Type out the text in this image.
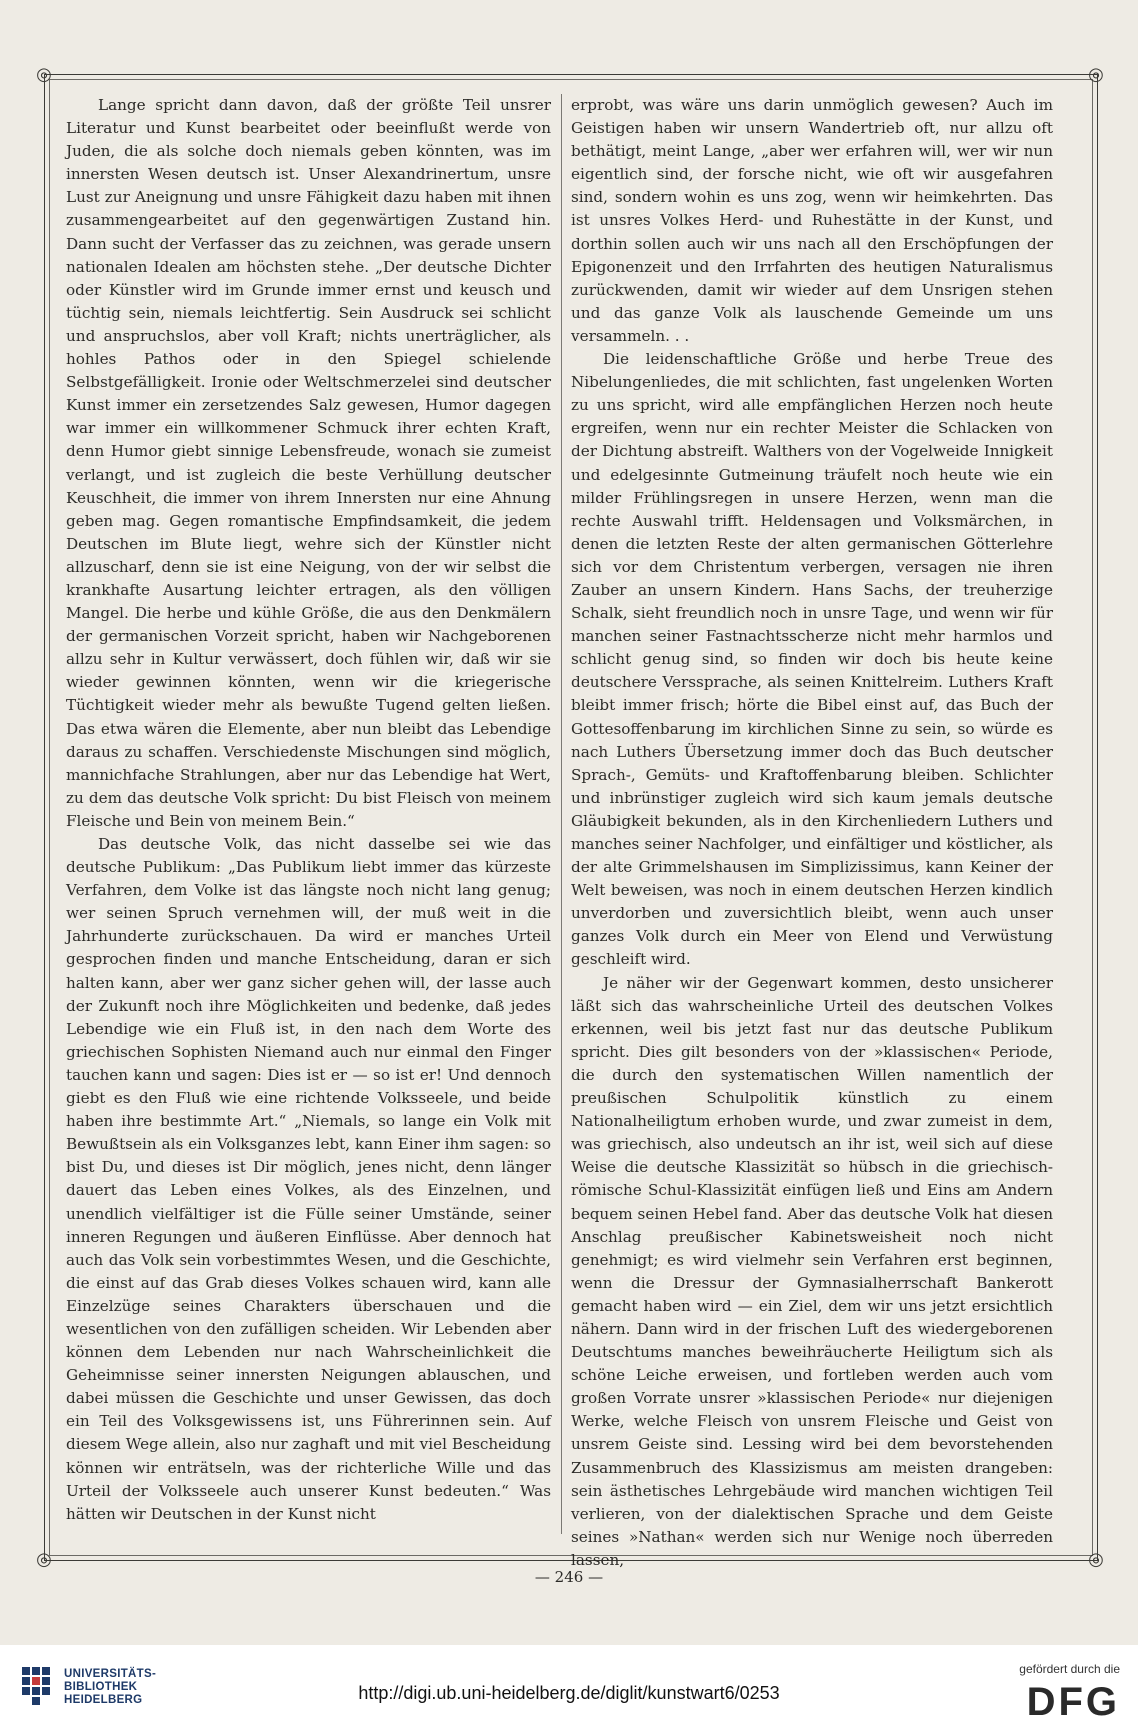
◎	◎
◎	◎

Lange spricht dann davon, daß der größte Teil unsrer Literatur und Kunst bearbeitet oder beeinflußt werde von Juden, die als solche doch niemals geben könnten, was im innersten Wesen deutsch ist. Unser Alexandrinertum, unsre Lust zur Aneignung und unsre Fähigkeit dazu haben mit ihnen zusammengearbeitet auf den gegenwärtigen Zustand hin. Dann sucht der Verfasser das zu zeichnen, was gerade unsern nationalen Idealen am höchsten stehe. „Der deutsche Dichter oder Künstler wird im Grunde immer ernst und keusch und tüchtig sein, niemals leichtfertig. Sein Ausdruck sei schlicht und anspruchslos, aber voll Kraft; nichts unerträglicher, als hohles Pathos oder in den Spiegel schielende Selbstgefälligkeit. Ironie oder Weltschmerzelei sind deutscher Kunst immer ein zersetzendes Salz gewesen, Humor dagegen war immer ein willkommener Schmuck ihrer echten Kraft, denn Humor giebt sinnige Lebensfreude, wonach sie zumeist verlangt, und ist zugleich die beste Verhüllung deutscher Keuschheit, die immer von ihrem Innersten nur eine Ahnung geben mag. Gegen romantische Empfindsamkeit, die jedem Deutschen im Blute liegt, wehre sich der Künstler nicht allzuscharf, denn sie ist eine Neigung, von der wir selbst die krankhafte Ausartung leichter ertragen, als den völligen Mangel. Die herbe und kühle Größe, die aus den Denkmälern der germanischen Vorzeit spricht, haben wir Nachgeborenen allzu sehr in Kultur verwässert, doch fühlen wir, daß wir sie wieder gewinnen könnten, wenn wir die kriegerische Tüchtigkeit wieder mehr als bewußte Tugend gelten ließen. Das etwa wären die Elemente, aber nun bleibt das Lebendige daraus zu schaffen. Verschiedenste Mischungen sind möglich, mannichfache Strahlungen, aber nur das Lebendige hat Wert, zu dem das deutsche Volk spricht: Du bist Fleisch von meinem Fleische und Bein von meinem Bein.“

Das deutsche Volk, das nicht dasselbe sei wie das deutsche Publikum: „Das Publikum liebt immer das kürzeste Verfahren, dem Volke ist das längste noch nicht lang genug; wer seinen Spruch vernehmen will, der muß weit in die Jahrhunderte zurückschauen. Da wird er manches Urteil gesprochen finden und manche Entscheidung, daran er sich halten kann, aber wer ganz sicher gehen will, der lasse auch der Zukunft noch ihre Möglichkeiten und bedenke, daß jedes Lebendige wie ein Fluß ist, in den nach dem Worte des griechischen Sophisten Niemand auch nur einmal den Finger tauchen kann und sagen: Dies ist er — so ist er! Und dennoch giebt es den Fluß wie eine richtende Volksseele, und beide haben ihre bestimmte Art.“ „Niemals, so lange ein Volk mit Bewußtsein als ein Volksganzes lebt, kann Einer ihm sagen: so bist Du, und dieses ist Dir möglich, jenes nicht, denn länger dauert das Leben eines Volkes, als des Einzelnen, und unendlich vielfältiger ist die Fülle seiner Umstände, seiner inneren Regungen und äußeren Einflüsse. Aber dennoch hat auch das Volk sein vorbestimmtes Wesen, und die Geschichte, die einst auf das Grab dieses Volkes schauen wird, kann alle Einzelzüge seines Charakters überschauen und die wesentlichen von den zufälligen scheiden. Wir Lebenden aber können dem Lebenden nur nach Wahrscheinlichkeit die Geheimnisse seiner innersten Neigungen ablauschen, und dabei müssen die Geschichte und unser Gewissen, das doch ein Teil des Volksgewissens ist, uns Führerinnen sein. Auf diesem Wege allein, also nur zaghaft und mit viel Bescheidung können wir enträtseln, was der richterliche Wille und das Urteil der Volksseele auch unserer Kunst bedeuten.“ Was hätten wir Deutschen in der Kunst nicht

erprobt, was wäre uns darin unmöglich gewesen? Auch im Geistigen haben wir unsern Wandertrieb oft, nur allzu oft bethätigt, meint Lange, „aber wer erfahren will, wer wir nun eigentlich sind, der forsche nicht, wie oft wir ausgefahren sind, sondern wohin es uns zog, wenn wir heimkehrten. Das ist unsres Volkes Herd- und Ruhestätte in der Kunst, und dorthin sollen auch wir uns nach all den Erschöpfungen der Epigonenzeit und den Irrfahrten des heutigen Naturalismus zurückwenden, damit wir wieder auf dem Unsrigen stehen und das ganze Volk als lauschende Gemeinde um uns versammeln. . .

Die leidenschaftliche Größe und herbe Treue des Nibelungenliedes, die mit schlichten, fast ungelenken Worten zu uns spricht, wird alle empfänglichen Herzen noch heute ergreifen, wenn nur ein rechter Meister die Schlacken von der Dichtung abstreift. Walthers von der Vogelweide Innigkeit und edelgesinnte Gutmeinung träufelt noch heute wie ein milder Frühlingsregen in unsere Herzen, wenn man die rechte Auswahl trifft. Heldensagen und Volksmärchen, in denen die letzten Reste der alten germanischen Götterlehre sich vor dem Christentum verbergen, versagen nie ihren Zauber an unsern Kindern. Hans Sachs, der treuherzige Schalk, sieht freundlich noch in unsre Tage, und wenn wir für manchen seiner Fastnachtsscherze nicht mehr harmlos und schlicht genug sind, so finden wir doch bis heute keine deutschere Verssprache, als seinen Knittelreim. Luthers Kraft bleibt immer frisch; hörte die Bibel einst auf, das Buch der Gottesoffenbarung im kirchlichen Sinne zu sein, so würde es nach Luthers Übersetzung immer doch das Buch deutscher Sprach-, Gemüts- und Kraftoffenbarung bleiben. Schlichter und inbrünstiger zugleich wird sich kaum jemals deutsche Gläubigkeit bekunden, als in den Kirchenliedern Luthers und manches seiner Nachfolger, und einfältiger und köstlicher, als der alte Grimmelshausen im Simplizissimus, kann Keiner der Welt beweisen, was noch in einem deutschen Herzen kindlich unverdorben und zuversichtlich bleibt, wenn auch unser ganzes Volk durch ein Meer von Elend und Verwüstung geschleift wird.

Je näher wir der Gegenwart kommen, desto unsicherer läßt sich das wahrscheinliche Urteil des deutschen Volkes erkennen, weil bis jetzt fast nur das deutsche Publikum spricht. Dies gilt besonders von der »klassischen« Periode, die durch den systematischen Willen namentlich der preußischen Schulpolitik künstlich zu einem Nationalheiligtum erhoben wurde, und zwar zumeist in dem, was griechisch, also undeutsch an ihr ist, weil sich auf diese Weise die deutsche Klassizität so hübsch in die griechisch-römische Schul-Klassizität einfügen ließ und Eins am Andern bequem seinen Hebel fand. Aber das deutsche Volk hat diesen Anschlag preußischer Kabinetsweisheit noch nicht genehmigt; es wird vielmehr sein Verfahren erst beginnen, wenn die Dressur der Gymnasialherrschaft Bankerott gemacht haben wird — ein Ziel, dem wir uns jetzt ersichtlich nähern. Dann wird in der frischen Luft des wiedergeborenen Deutschtums manches beweihräucherte Heiligtum sich als schöne Leiche erweisen, und fortleben werden auch vom großen Vorrate unsrer »klassischen Periode« nur diejenigen Werke, welche Fleisch von unsrem Fleische und Geist von unsrem Geiste sind. Lessing wird bei dem bevorstehenden Zusammenbruch des Klassizismus am meisten drangeben: sein ästhetisches Lehrgebäude wird manchen wichtigen Teil verlieren, von der dialektischen Sprache und dem Geiste seines »Nathan« werden sich nur Wenige noch überreden lassen,

— 246 —
UNIVERSITÄTS-
BIBLIOTHEK
HEIDELBERG	http://digi.ub.uni-heidelberg.de/diglit/kunstwart6/0253
gefördert durch die
DFG
